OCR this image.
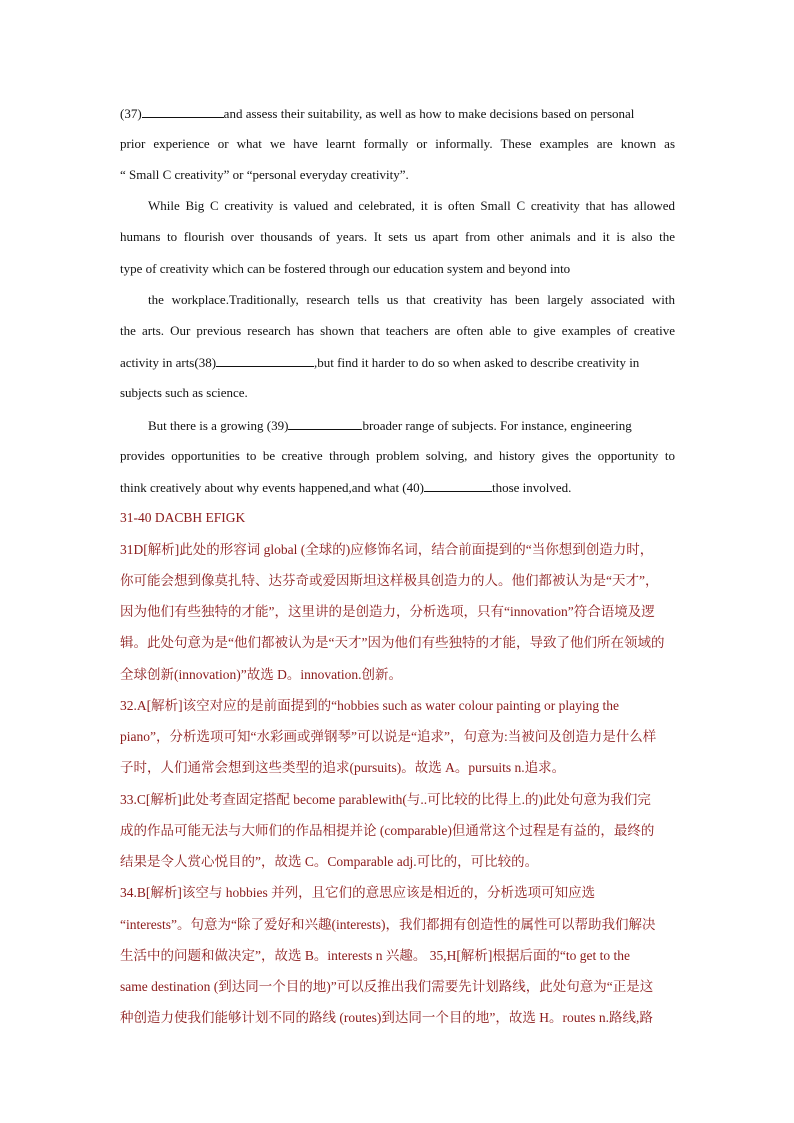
(37)	and assess their suitability, as well as how to make decisions based on personal
prior experience or what we have learnt formally or informally. These examples are known as
“ Small C creativity” or “personal everyday creativity”.
While Big C creativity is valued and celebrated, it is often Small C creativity that has allowed
humans to flourish over thousands of years. It sets us apart from other animals and it is also the
type of creativity which can be fostered through our education system and beyond into
the workplace.Traditionally, research tells us that creativity has been largely associated with
the arts. Our previous research has shown that teachers are often able to give examples of creative
activity in arts(38)	,but find it harder to do so when asked to describe creativity in
subjects such as science.
But there is a growing (39)	broader range of subjects. For instance, engineering
provides opportunities to be creative through problem solving, and history gives the opportunity to
think creatively about why events happened,and what (40)	those involved.
31-40 DACBH EFIGK
31D[解析]此处的形容词 global (全球的)应修饰名词，结合前面提到的“当你想到创造力时，
你可能会想到像莫扎特、达芬奇或爱因斯坦这样极具创造力的人。他们都被认为是“天才”，
因为他们有些独特的才能”，这里讲的是创造力，分析选项，只有“innovation”符合语境及逻
辑。此处句意为是“他们都被认为是“天才”因为他们有些独特的才能，导致了他们所在领域的
全球创新(innovation)”故选 D。innovation.创新。
32.A[解析]该空对应的是前面提到的“hobbies such as water colour painting or playing the
piano”，分析选项可知“水彩画或弹钢琴”可以说是“追求”，句意为:当被问及创造力是什么样
子时，人们通常会想到这些类型的追求(pursuits)。故选 A。pursuits n.追求。
33.C[解析]此处考查固定搭配 become parablewith(与..可比较的比得上.的)此处句意为我们完
成的作品可能无法与大师们的作品相提并论 (comparable)但通常这个过程是有益的，最终的
结果是令人赏心悦目的”，故选 C。Comparable adj.可比的，可比较的。
34.B[解析]该空与 hobbies 并列，且它们的意思应该是相近的，分析选项可知应选
“interests”。句意为“除了爱好和兴趣(interests)，我们都拥有创造性的属性可以帮助我们解决
生活中的问题和做决定”，故选 B。interests n 兴趣。 35,H[解析]根据后面的“to get to the
same destination (到达同一个目的地)”可以反推出我们需要先计划路线，此处句意为“正是这
种创造力使我们能够计划不同的路线 (routes)到达同一个目的地”，故选 H。routes n.路线,路
